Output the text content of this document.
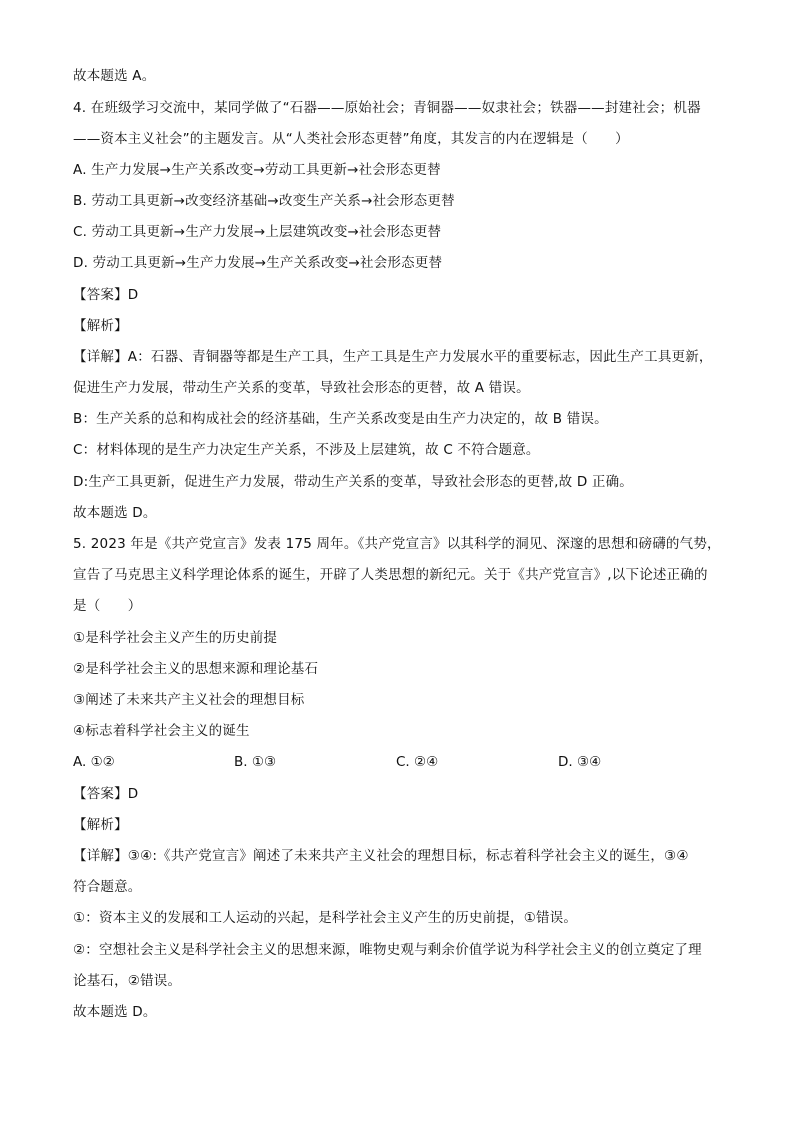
故本题选 A。
4. 在班级学习交流中，某同学做了“石器——原始社会；青铜器——奴隶社会；铁器——封建社会；机器
——资本主义社会”的主题发言。从“人类社会形态更替”角度，其发言的内在逻辑是（　　）
A. 生产力发展→生产关系改变→劳动工具更新→社会形态更替
B. 劳动工具更新→改变经济基础→改变生产关系→社会形态更替
C. 劳动工具更新→生产力发展→上层建筑改变→社会形态更替
D. 劳动工具更新→生产力发展→生产关系改变→社会形态更替
【答案】D
【解析】
【详解】A：石器、青铜器等都是生产工具，生产工具是生产力发展水平的重要标志，因此生产工具更新，
促进生产力发展，带动生产关系的变革，导致社会形态的更替，故 A 错误。
B：生产关系的总和构成社会的经济基础，生产关系改变是由生产力决定的，故 B 错误。
C：材料体现的是生产力决定生产关系，不涉及上层建筑，故 C 不符合题意。
D:生产工具更新，促进生产力发展，带动生产关系的变革，导致社会形态的更替,故 D 正确。
故本题选 D。
5. 2023 年是《共产党宣言》发表 175 周年。《共产党宣言》以其科学的洞见、深邃的思想和磅礴的气势，
宣告了马克思主义科学理论体系的诞生，开辟了人类思想的新纪元。关于《共产党宣言》,以下论述正确的
是（　　）
①是科学社会主义产生的历史前提
②是科学社会主义的思想来源和理论基石
③阐述了未来共产主义社会的理想目标
④标志着科学社会主义的诞生
A. ①②	B. ①③	C. ②④	D. ③④
【答案】D
【解析】
【详解】③④:《共产党宣言》阐述了未来共产主义社会的理想目标，标志着科学社会主义的诞生，③④
符合题意。
①：资本主义的发展和工人运动的兴起，是科学社会主义产生的历史前提，①错误。
②：空想社会主义是科学社会主义的思想来源，唯物史观与剩余价值学说为科学社会主义的创立奠定了理
论基石，②错误。
故本题选 D。
